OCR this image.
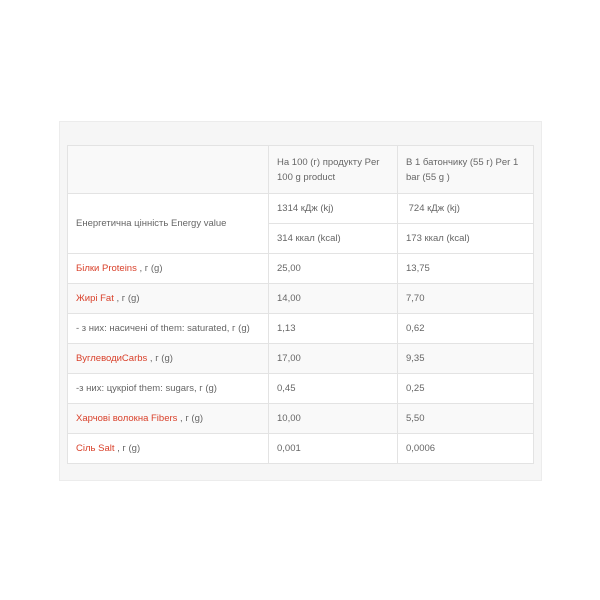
	На 100 (г) продукту Per 100 g product	В 1 батончику (55 г) Per 1 bar (55 g )
Енергетична цінність Energy value	1314 кДж (kj)	724 кДж (kj)
	314 ккал (kcal)	173 ккал (kcal)
Білки Proteins , г (g)	25,00	13,75
Жирі Fat , г (g)	14,00	7,70
- з них: насичені of them: saturated, г (g)	1,13	0,62
ВуглеводиCarbs , г (g)	17,00	9,35
-з них: цукріof them: sugars, г (g)	0,45	0,25
Харчові волокна Fibers , г (g)	10,00	5,50
Сіль Salt , г (g)	0,001	0,0006
